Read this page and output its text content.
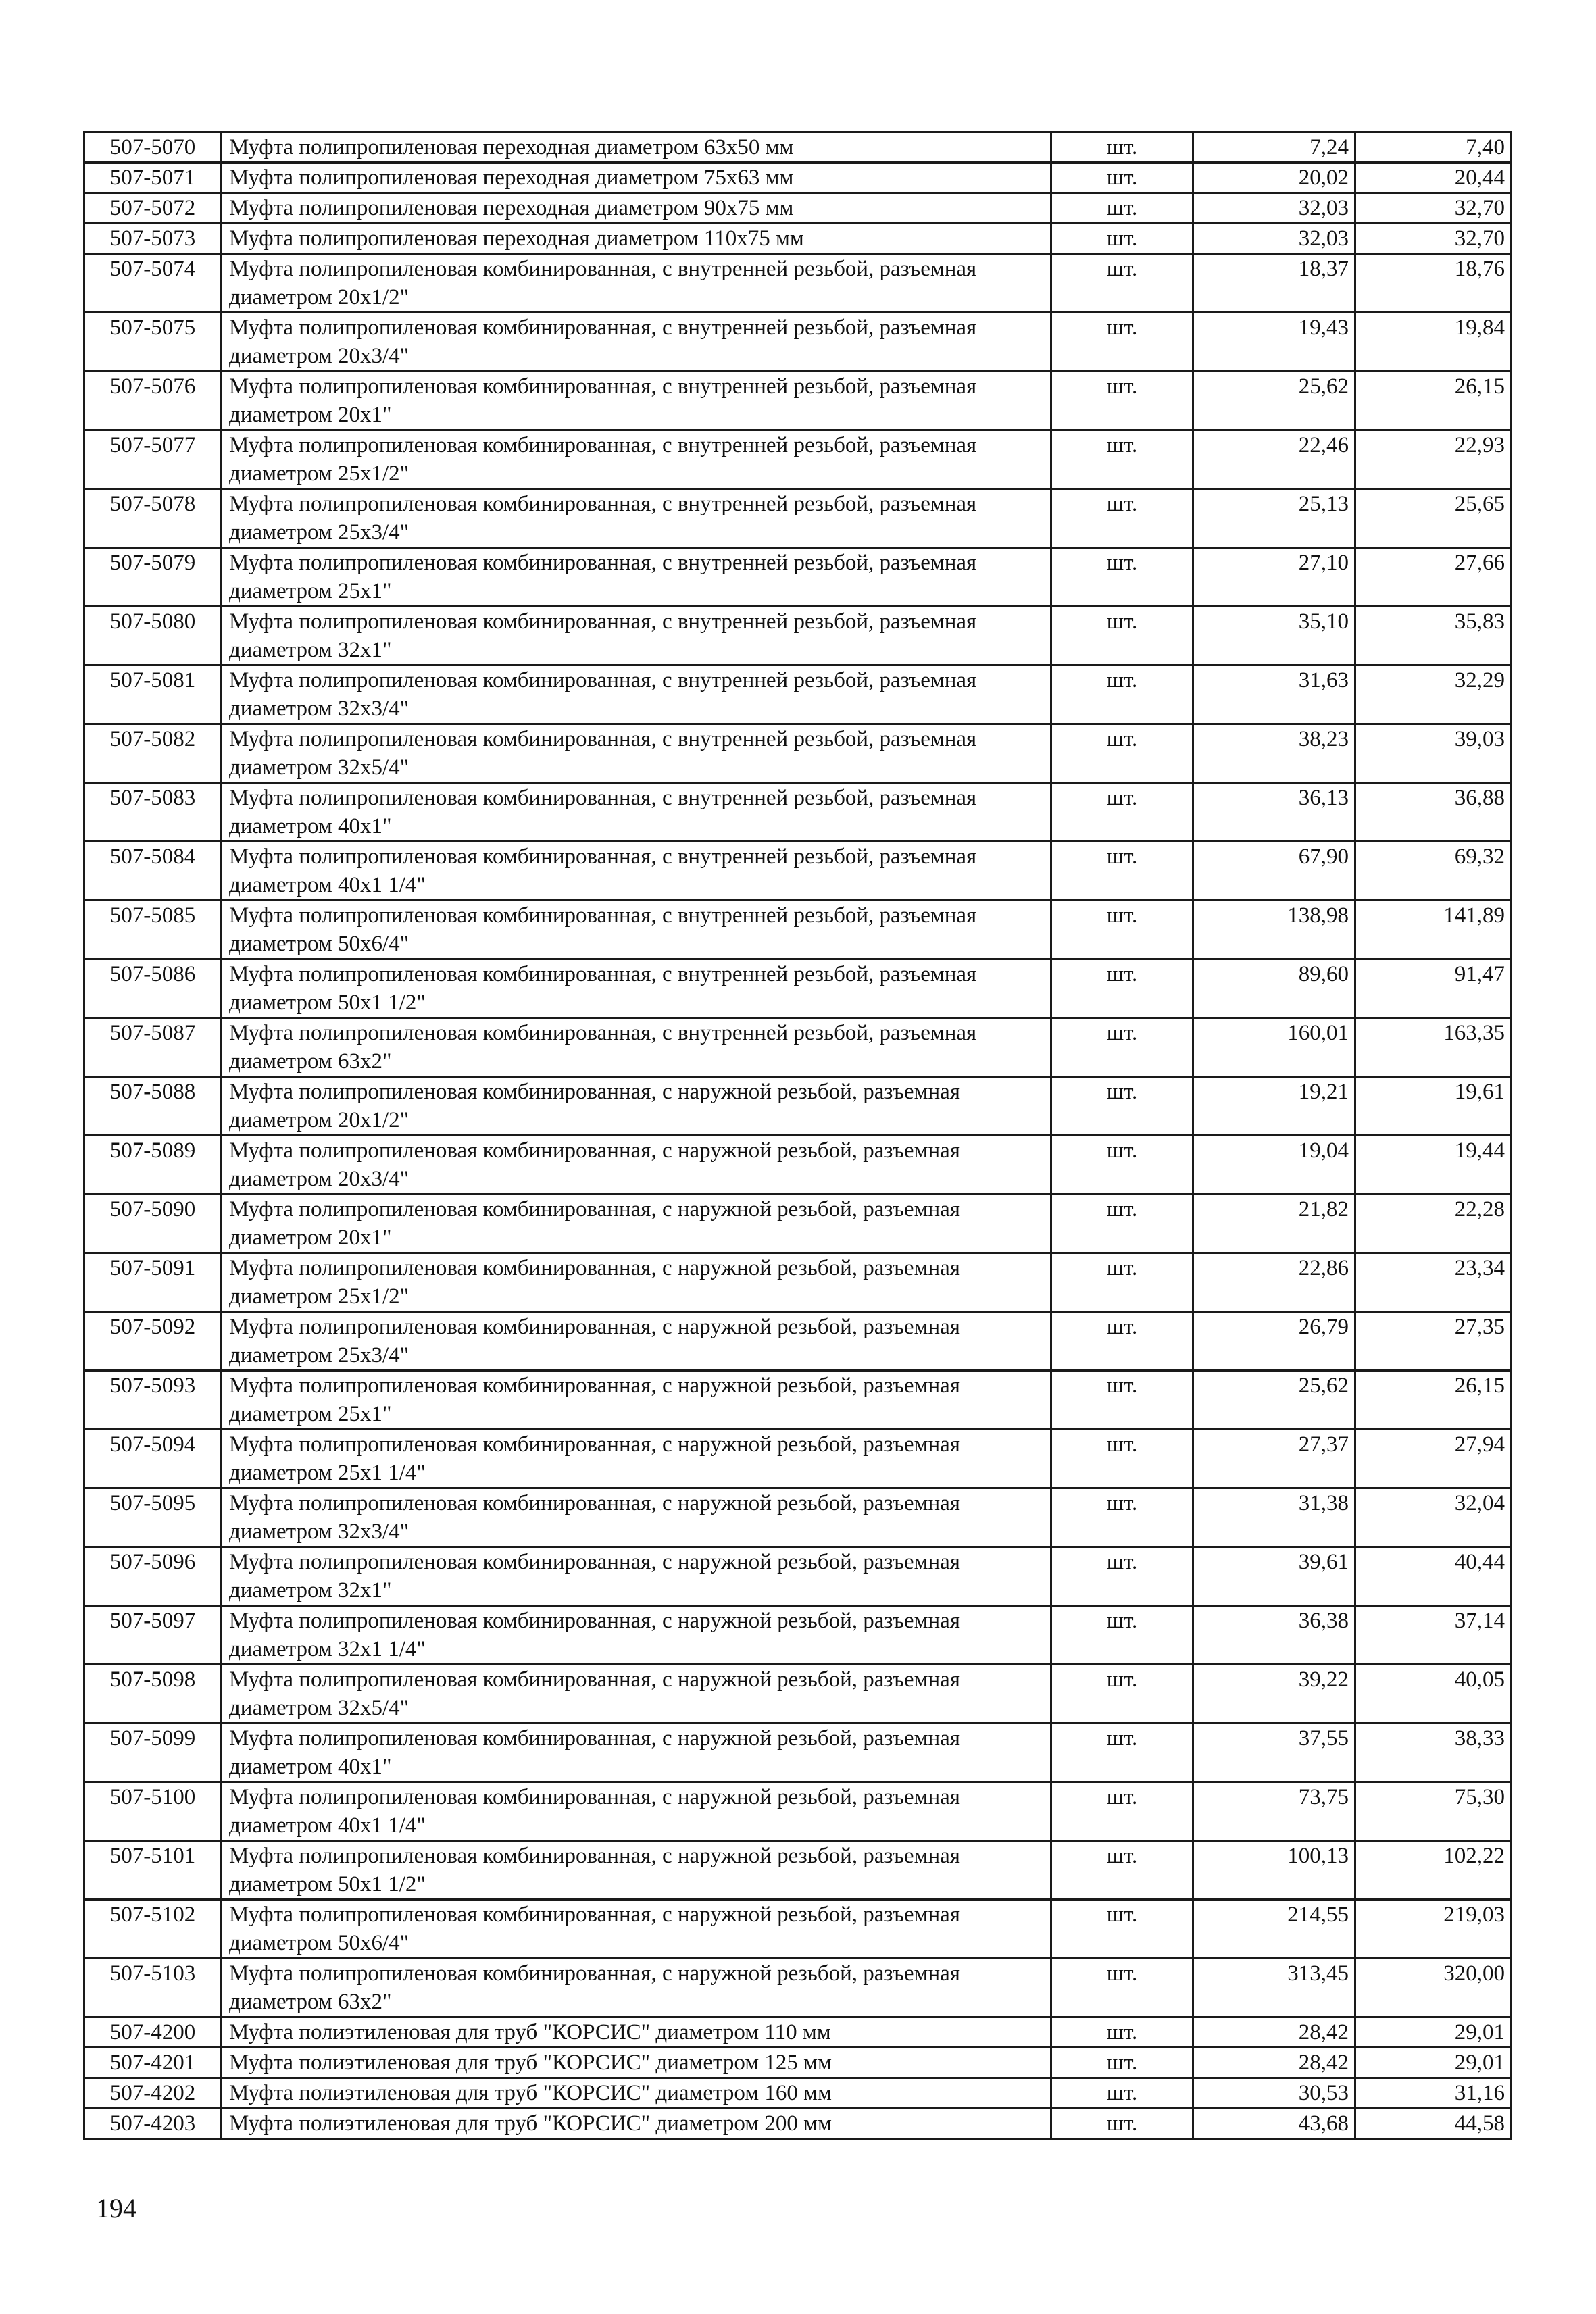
507-5070	Муфта полипропиленовая переходная диаметром 63х50 мм	шт.	7,24	7,40
507-5071	Муфта полипропиленовая переходная диаметром 75х63 мм	шт.	20,02	20,44
507-5072	Муфта полипропиленовая переходная диаметром 90х75 мм	шт.	32,03	32,70
507-5073	Муфта полипропиленовая переходная диаметром 110х75 мм	шт.	32,03	32,70
507-5074	Муфта полипропиленовая комбинированная, с внутренней резьбой, разъемная диаметром 20х1/2"	шт.	18,37	18,76
507-5075	Муфта полипропиленовая комбинированная, с внутренней резьбой, разъемная диаметром 20х3/4"	шт.	19,43	19,84
507-5076	Муфта полипропиленовая комбинированная, с внутренней резьбой, разъемная диаметром 20х1"	шт.	25,62	26,15
507-5077	Муфта полипропиленовая комбинированная, с внутренней резьбой, разъемная диаметром 25х1/2"	шт.	22,46	22,93
507-5078	Муфта полипропиленовая комбинированная, с внутренней резьбой, разъемная диаметром 25х3/4"	шт.	25,13	25,65
507-5079	Муфта полипропиленовая комбинированная, с внутренней резьбой, разъемная диаметром 25х1"	шт.	27,10	27,66
507-5080	Муфта полипропиленовая комбинированная, с внутренней резьбой, разъемная диаметром 32х1"	шт.	35,10	35,83
507-5081	Муфта полипропиленовая комбинированная, с внутренней резьбой, разъемная диаметром 32х3/4"	шт.	31,63	32,29
507-5082	Муфта полипропиленовая комбинированная, с внутренней резьбой, разъемная диаметром 32х5/4"	шт.	38,23	39,03
507-5083	Муфта полипропиленовая комбинированная, с внутренней резьбой, разъемная диаметром 40х1"	шт.	36,13	36,88
507-5084	Муфта полипропиленовая комбинированная, с внутренней резьбой, разъемная диаметром 40х1 1/4"	шт.	67,90	69,32
507-5085	Муфта полипропиленовая комбинированная, с внутренней резьбой, разъемная диаметром 50х6/4"	шт.	138,98	141,89
507-5086	Муфта полипропиленовая комбинированная, с внутренней резьбой, разъемная диаметром 50х1 1/2"	шт.	89,60	91,47
507-5087	Муфта полипропиленовая комбинированная, с внутренней резьбой, разъемная диаметром 63х2"	шт.	160,01	163,35
507-5088	Муфта полипропиленовая комбинированная, с наружной резьбой, разъемная диаметром 20х1/2"	шт.	19,21	19,61
507-5089	Муфта полипропиленовая комбинированная, с наружной резьбой, разъемная диаметром 20х3/4"	шт.	19,04	19,44
507-5090	Муфта полипропиленовая комбинированная, с наружной резьбой, разъемная диаметром 20х1"	шт.	21,82	22,28
507-5091	Муфта полипропиленовая комбинированная, с наружной резьбой, разъемная диаметром 25х1/2"	шт.	22,86	23,34
507-5092	Муфта полипропиленовая комбинированная, с наружной резьбой, разъемная диаметром 25х3/4"	шт.	26,79	27,35
507-5093	Муфта полипропиленовая комбинированная, с наружной резьбой, разъемная диаметром 25х1"	шт.	25,62	26,15
507-5094	Муфта полипропиленовая комбинированная, с наружной резьбой, разъемная диаметром 25х1 1/4"	шт.	27,37	27,94
507-5095	Муфта полипропиленовая комбинированная, с наружной резьбой, разъемная диаметром 32х3/4"	шт.	31,38	32,04
507-5096	Муфта полипропиленовая комбинированная, с наружной резьбой, разъемная диаметром 32х1"	шт.	39,61	40,44
507-5097	Муфта полипропиленовая комбинированная, с наружной резьбой, разъемная диаметром 32х1 1/4"	шт.	36,38	37,14
507-5098	Муфта полипропиленовая комбинированная, с наружной резьбой, разъемная диаметром 32х5/4"	шт.	39,22	40,05
507-5099	Муфта полипропиленовая комбинированная, с наружной резьбой, разъемная диаметром 40х1"	шт.	37,55	38,33
507-5100	Муфта полипропиленовая комбинированная, с наружной резьбой, разъемная диаметром 40х1 1/4"	шт.	73,75	75,30
507-5101	Муфта полипропиленовая комбинированная, с наружной резьбой, разъемная диаметром 50х1 1/2"	шт.	100,13	102,22
507-5102	Муфта полипропиленовая комбинированная, с наружной резьбой, разъемная диаметром 50х6/4"	шт.	214,55	219,03
507-5103	Муфта полипропиленовая комбинированная, с наружной резьбой, разъемная диаметром 63х2"	шт.	313,45	320,00
507-4200	Муфта полиэтиленовая для труб "КОРСИС" диаметром 110 мм	шт.	28,42	29,01
507-4201	Муфта полиэтиленовая для труб "КОРСИС" диаметром 125 мм	шт.	28,42	29,01
507-4202	Муфта полиэтиленовая для труб "КОРСИС" диаметром 160 мм	шт.	30,53	31,16
507-4203	Муфта полиэтиленовая для труб "КОРСИС" диаметром 200 мм	шт.	43,68	44,58
194
